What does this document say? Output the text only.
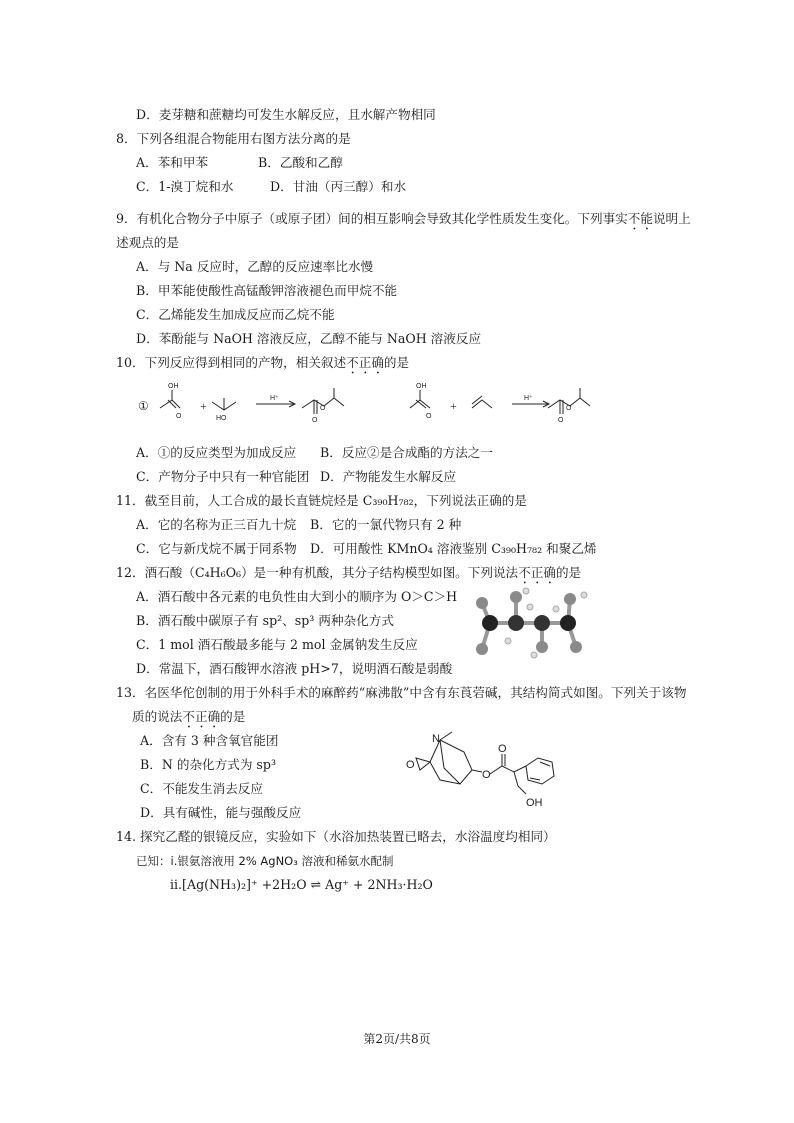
D．麦芽糖和蔗糖均可发生水解反应，且水解产物相同
8．下列各组混合物能用右图方法分离的是
A．苯和甲苯	B．乙酸和乙醇
C．1-溴丁烷和水	D．甘油（丙三醇）和水
9．有机化合物分子中原子（或原子团）间的相互影响会导致其化学性质发生变化。下列事实不能说明上
述观点的是
A．与 Na 反应时，乙醇的反应速率比水慢
B．甲苯能使酸性高锰酸钾溶液褪色而甲烷不能
C．乙烯能发生加成反应而乙烷不能
D．苯酚能与 NaOH 溶液反应，乙醇不能与 NaOH 溶液反应
10．下列反应得到相同的产物，相关叙述不正确的是
OH
O	HO
H⁺
O
O
OH
O
H⁺
O
O
①	+	+
A．①的反应类型为加成反应 B．反应②是合成酯的方法之一
C．产物分子中只有一种官能团 D．产物能发生水解反应
11．截至目前，人工合成的最长直链烷烃是 C₃₉₀H₇₈₂，下列说法正确的是
A．它的名称为正三百九十烷 B．它的一氯代物只有 2 种
C．它与新戊烷不属于同系物 D．可用酸性 KMnO₄ 溶液鉴别 C₃₉₀H₇₈₂ 和聚乙烯
12．酒石酸（C₄H₆O₆）是一种有机酸，其分子结构模型如图。下列说法不正确的是
A．酒石酸中各元素的电负性由大到小的顺序为 O＞C＞H
B．酒石酸中碳原子有 sp²、sp³ 两种杂化方式
C．1 mol 酒石酸最多能与 2 mol 金属钠发生反应
D．常温下，酒石酸钾水溶液 pH>7，说明酒石酸是弱酸
13．名医华佗创制的用于外科手术的麻醉药“麻沸散”中含有东莨菪碱，其结构简式如图。下列关于该物
质的说法不正确的是
A．含有 3 种含氧官能团
B．N 的杂化方式为 sp³
C．不能发生消去反应
D．具有碱性，能与强酸反应
N
O
O
O
OH
14. 探究乙醛的银镜反应，实验如下（水浴加热装置已略去，水浴温度均相同）
已知：i.银氨溶液用 2% AgNO₃ 溶液和稀氨水配制
ii.[Ag(NH₃)₂]⁺ +2H₂O ⇌ Ag⁺ + 2NH₃·H₂O
第2页/共8页
